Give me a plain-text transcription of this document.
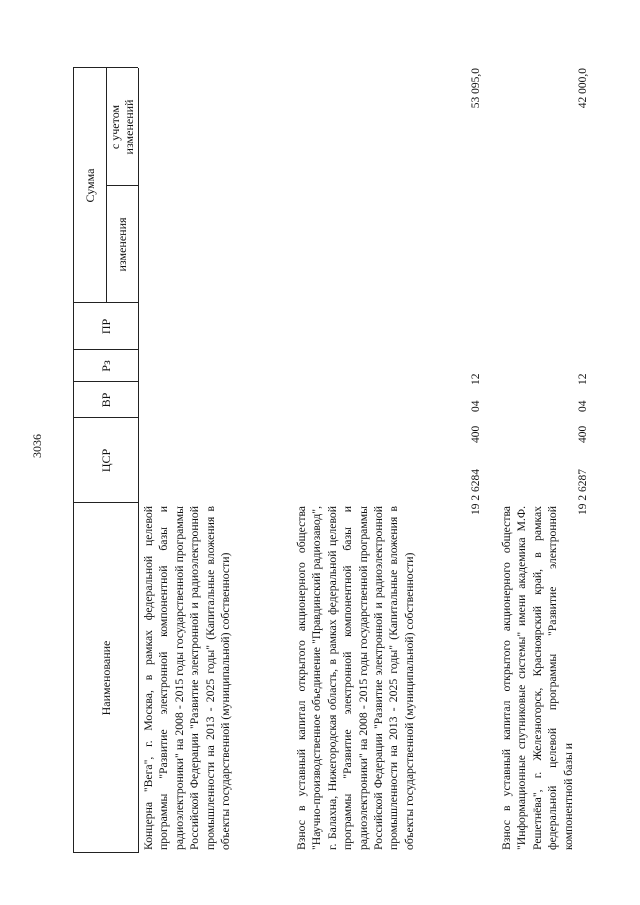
3036
Наименование
ЦСР
ВР
Рз
ПР
Сумма
изменения
с учетом изменений
Концерна "Вега", г. Москва, в рамках федеральной целевой программы "Развитие электронной компонентной базы и радиоэлектроники" на 2008 - 2015 годы государственной программы Российской Федерации "Развитие электронной и радиоэлектронной промышленности на 2013 - 2025 годы" (Капитальные вложения в объекты государственной (муниципальной) собственности)
19 2 6284
400
04
12
53 095,0
Взнос в уставный капитал открытого акционерного общества "Научно-производственное объединение "Правдинский радиозавод", г. Балахна, Нижегородская область, в рамках федеральной целевой программы "Развитие электронной компонентной базы и радиоэлектроники" на 2008 - 2015 годы государственной программы Российской Федерации "Развитие электронной и радиоэлектронной промышленности на 2013 - 2025 годы" (Капитальные вложения в объекты государственной (муниципальной) собственности)
19 2 6287
400
04
12
42 000,0
Взнос в уставный капитал открытого акционерного общества "Информационные спутниковые системы" имени академика М.Ф. Решетнёва", г. Железногорск, Красноярский край, в рамках федеральной целевой программы "Развитие электронной компонентной базы и
